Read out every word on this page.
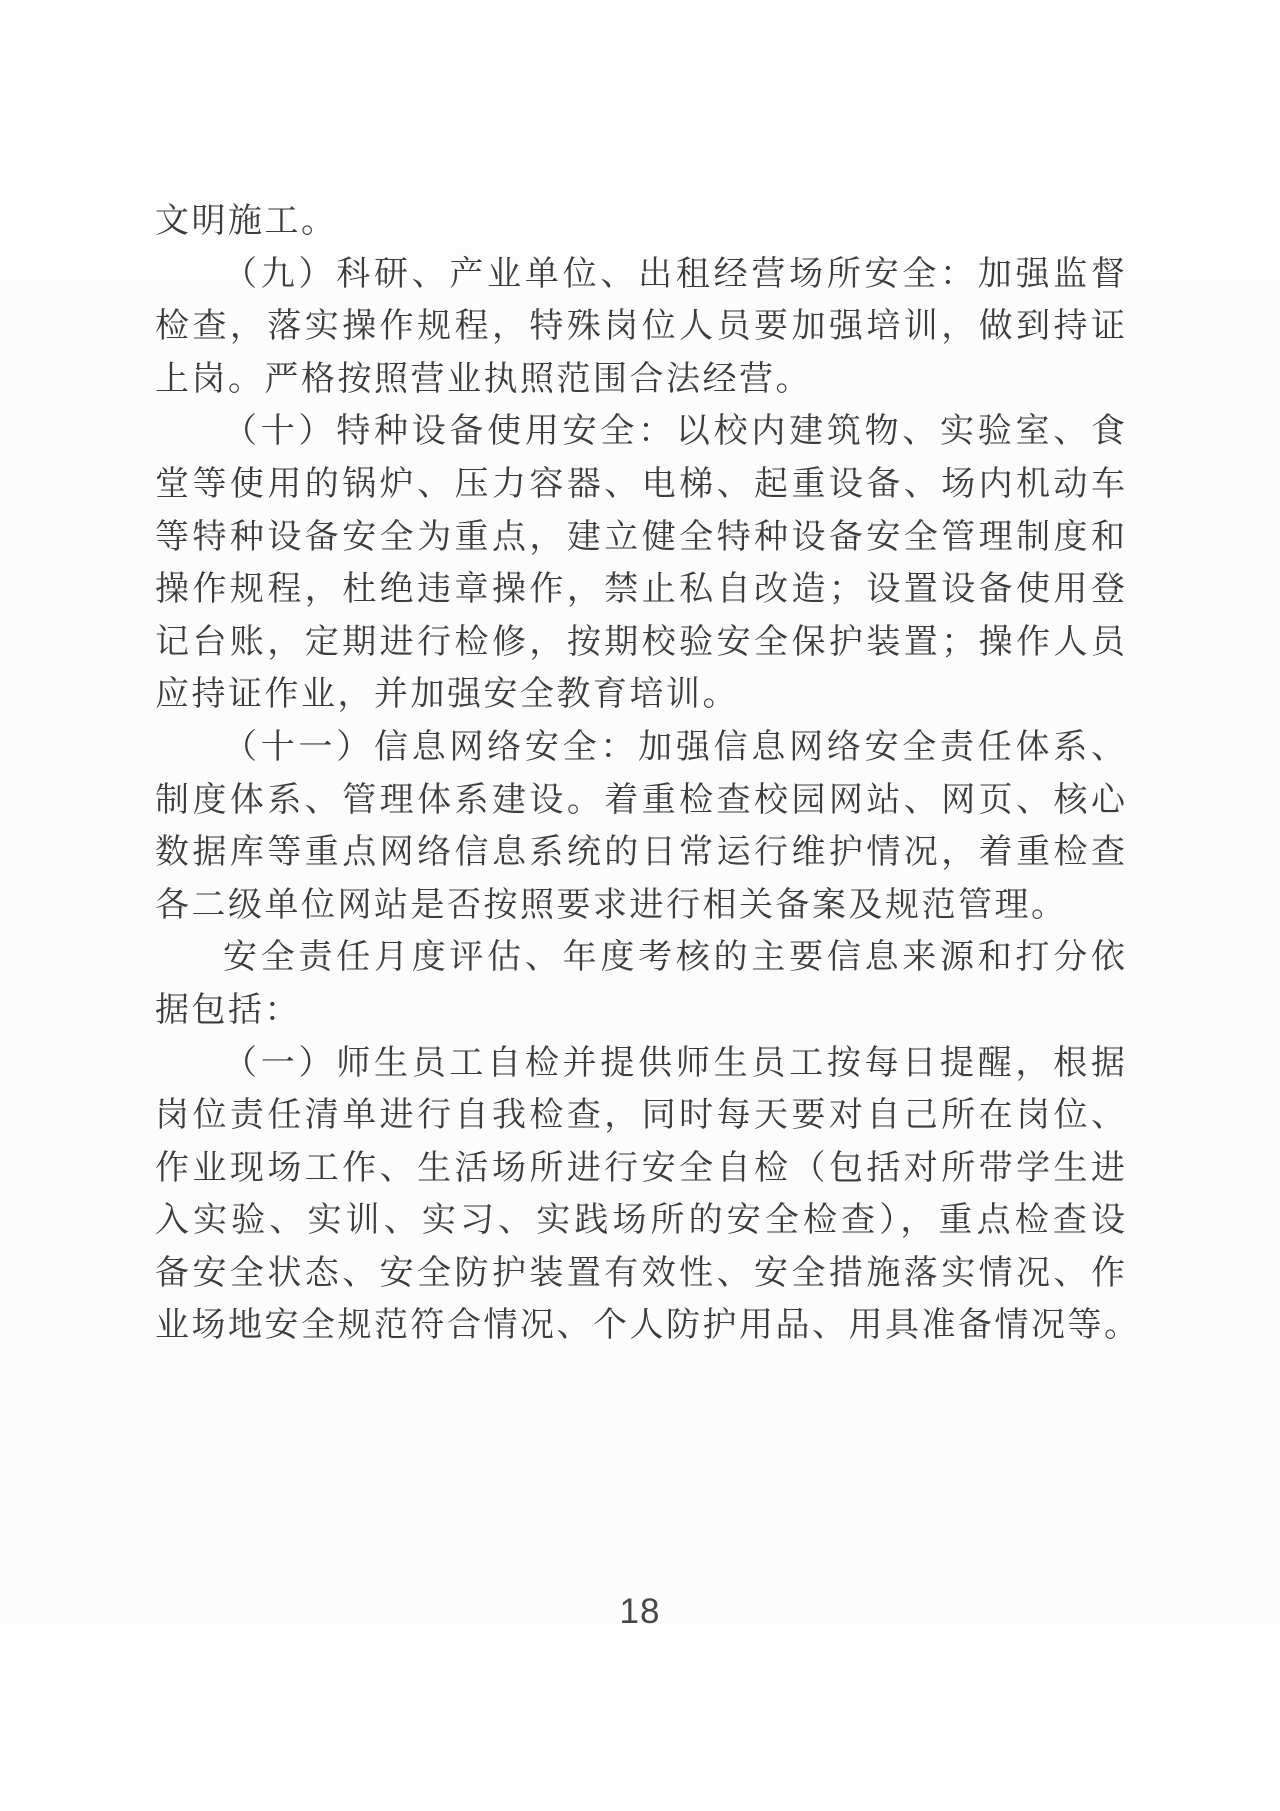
文明施工。
（九）科研、产业单位、出租经营场所安全：加强监督
检查，落实操作规程，特殊岗位人员要加强培训，做到持证
上岗。严格按照营业执照范围合法经营。
（十）特种设备使用安全：以校内建筑物、实验室、食
堂等使用的锅炉、压力容器、电梯、起重设备、场内机动车
等特种设备安全为重点，建立健全特种设备安全管理制度和
操作规程，杜绝违章操作，禁止私自改造；设置设备使用登
记台账，定期进行检修，按期校验安全保护装置；操作人员
应持证作业，并加强安全教育培训。
（十一）信息网络安全：加强信息网络安全责任体系、
制度体系、管理体系建设。着重检查校园网站、网页、核心
数据库等重点网络信息系统的日常运行维护情况，着重检查
各二级单位网站是否按照要求进行相关备案及规范管理。
安全责任月度评估、年度考核的主要信息来源和打分依
据包括：
（一）师生员工自检并提供师生员工按每日提醒，根据
岗位责任清单进行自我检查，同时每天要对自己所在岗位、
作业现场工作、生活场所进行安全自检（包括对所带学生进
入实验、实训、实习、实践场所的安全检查），重点检查设
备安全状态、安全防护装置有效性、安全措施落实情况、作
业场地安全规范符合情况、个人防护用品、用具准备情况等。
18
